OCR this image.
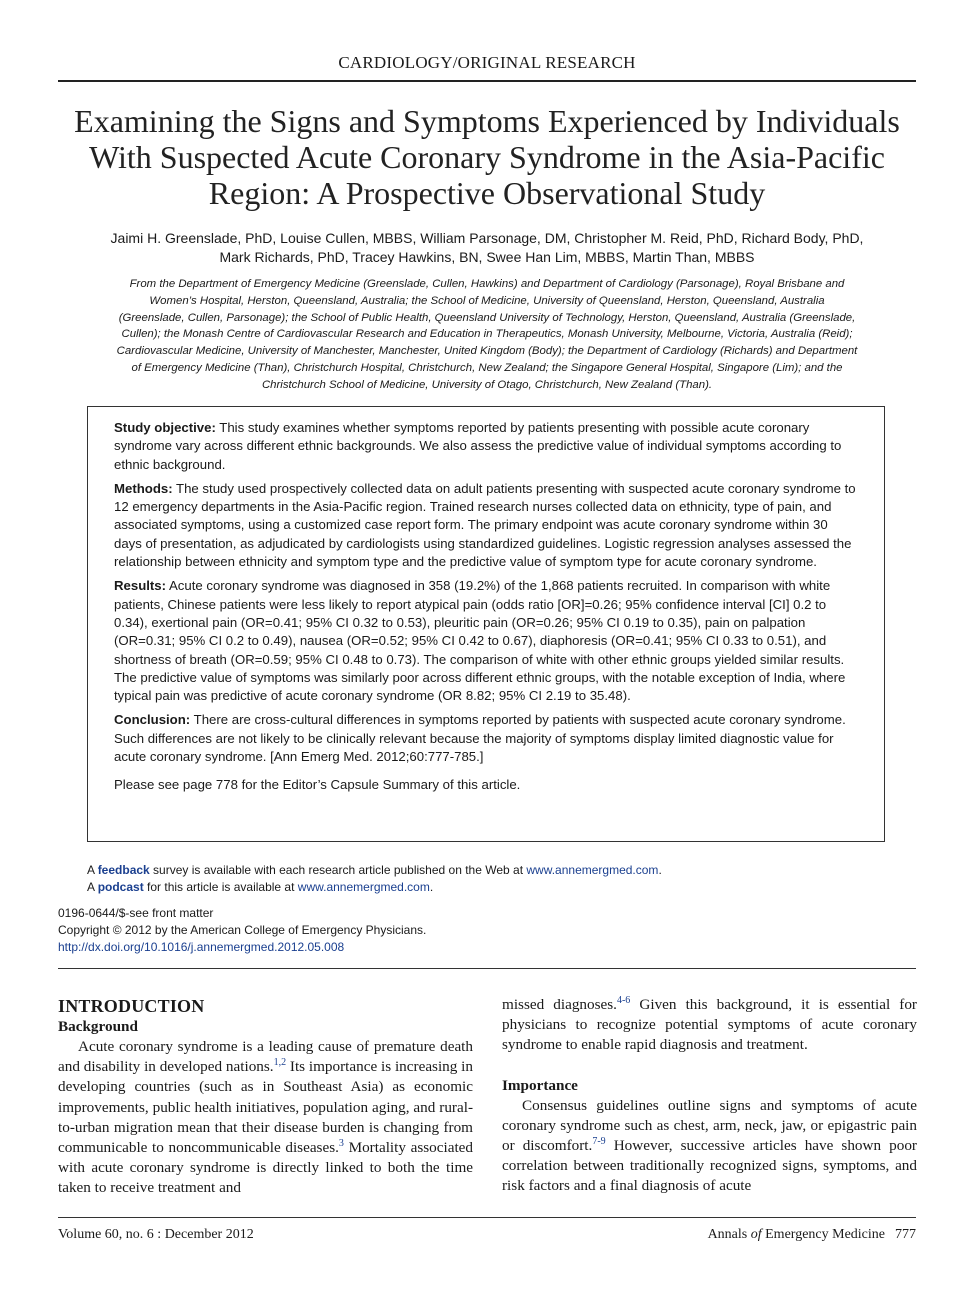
CARDIOLOGY/ORIGINAL RESEARCH
Examining the Signs and Symptoms Experienced by Individuals
With Suspected Acute Coronary Syndrome in the Asia-Pacific
Region: A Prospective Observational Study
Jaimi H. Greenslade, PhD, Louise Cullen, MBBS, William Parsonage, DM, Christopher M. Reid, PhD, Richard Body, PhD,
Mark Richards, PhD, Tracey Hawkins, BN, Swee Han Lim, MBBS, Martin Than, MBBS
From the Department of Emergency Medicine (Greenslade, Cullen, Hawkins) and Department of Cardiology (Parsonage), Royal Brisbane and
Women’s Hospital, Herston, Queensland, Australia; the School of Medicine, University of Queensland, Herston, Queensland, Australia
(Greenslade, Cullen, Parsonage); the School of Public Health, Queensland University of Technology, Herston, Queensland, Australia (Greenslade,
Cullen); the Monash Centre of Cardiovascular Research and Education in Therapeutics, Monash University, Melbourne, Victoria, Australia (Reid);
Cardiovascular Medicine, University of Manchester, Manchester, United Kingdom (Body); the Department of Cardiology (Richards) and Department
of Emergency Medicine (Than), Christchurch Hospital, Christchurch, New Zealand; the Singapore General Hospital, Singapore (Lim); and the
Christchurch School of Medicine, University of Otago, Christchurch, New Zealand (Than).

Study objective: This study examines whether symptoms reported by patients presenting with possible acute coronary syndrome vary across different ethnic backgrounds. We also assess the predictive value of individual symptoms according to ethnic background.

Methods: The study used prospectively collected data on adult patients presenting with suspected acute coronary syndrome to 12 emergency departments in the Asia-Pacific region. Trained research nurses collected data on ethnicity, type of pain, and associated symptoms, using a customized case report form. The primary endpoint was acute coronary syndrome within 30 days of presentation, as adjudicated by cardiologists using standardized guidelines. Logistic regression analyses assessed the relationship between ethnicity and symptom type and the predictive value of symptom type for acute coronary syndrome.

Results: Acute coronary syndrome was diagnosed in 358 (19.2%) of the 1,868 patients recruited. In comparison with white patients, Chinese patients were less likely to report atypical pain (odds ratio [OR]=0.26; 95% confidence interval [CI] 0.2 to 0.34), exertional pain (OR=0.41; 95% CI 0.32 to 0.53), pleuritic pain (OR=0.26; 95% CI 0.19 to 0.35), pain on palpation (OR=0.31; 95% CI 0.2 to 0.49), nausea (OR=0.52; 95% CI 0.42 to 0.67), diaphoresis (OR=0.41; 95% CI 0.33 to 0.51), and shortness of breath (OR=0.59; 95% CI 0.48 to 0.73). The comparison of white with other ethnic groups yielded similar results. The predictive value of symptoms was similarly poor across different ethnic groups, with the notable exception of India, where typical pain was predictive of acute coronary syndrome (OR 8.82; 95% CI 2.19 to 35.48).

Conclusion: There are cross-cultural differences in symptoms reported by patients with suspected acute coronary syndrome. Such differences are not likely to be clinically relevant because the majority of symptoms display limited diagnostic value for acute coronary syndrome. [Ann Emerg Med. 2012;60:777-785.]

Please see page 778 for the Editor’s Capsule Summary of this article.

A feedback survey is available with each research article published on the Web at www.annemergmed.com.
A podcast for this article is available at www.annemergmed.com.
0196-0644/$-see front matter
Copyright © 2012 by the American College of Emergency Physicians.
http://dx.doi.org/10.1016/j.annemergmed.2012.05.008
INTRODUCTION
Background

Acute coronary syndrome is a leading cause of premature death and disability in developed nations.$^{1,2}$ Its importance is increasing in developing countries (such as in Southeast Asia) as economic improvements, public health initiatives, population aging, and rural-to-urban migration mean that their disease burden is changing from communicable to noncommunicable diseases.$^3$ Mortality associated with acute coronary syndrome is directly linked to both the time taken to receive treatment and

missed diagnoses.$^{4-6}$ Given this background, it is essential for physicians to recognize potential symptoms of acute coronary syndrome to enable rapid diagnosis and treatment.

Importance

Consensus guidelines outline signs and symptoms of acute coronary syndrome such as chest, arm, neck, jaw, or epigastric pain or discomfort.$^{7-9}$ However, successive articles have shown poor correlation between traditionally recognized signs, symptoms, and risk factors and a final diagnosis of acute

Volume 60, no. 6 : December 2012	Annals of Emergency Medicine 777
